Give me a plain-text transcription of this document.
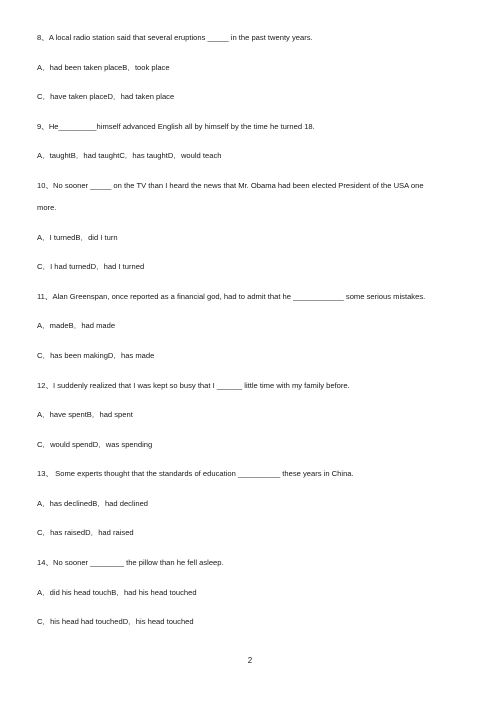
8、A local radio station said that several eruptions _____ in the past twenty years.
A．had been taken placeB．took place
C．have taken placeD．had taken place
9、He_________himself advanced English all by himself by the time he turned 18.
A．taughtB．had taughtC．has taughtD．would teach
10、No sooner _____ on the TV than I heard the news that Mr. Obama had been elected President of the USA one
more.
A．I turnedB．did I turn
C．I had turnedD．had I turned
11、Alan Greenspan, once reported as a financial god, had to admit that he ____________ some serious mistakes.
A．madeB．had made
C．has been makingD．has made
12、I suddenly realized that I was kept so busy that I ______ little time with my family before.
A．have spentB．had spent
C．would spendD．was spending
13、 Some experts thought that the standards of education __________ these years in China.
A．has declinedB．had declined
C．has raisedD．had raised
14、No sooner ________ the pillow than he fell asleep.
A．did his head touchB．had his head touched
C．his head had touchedD．his head touched
2
